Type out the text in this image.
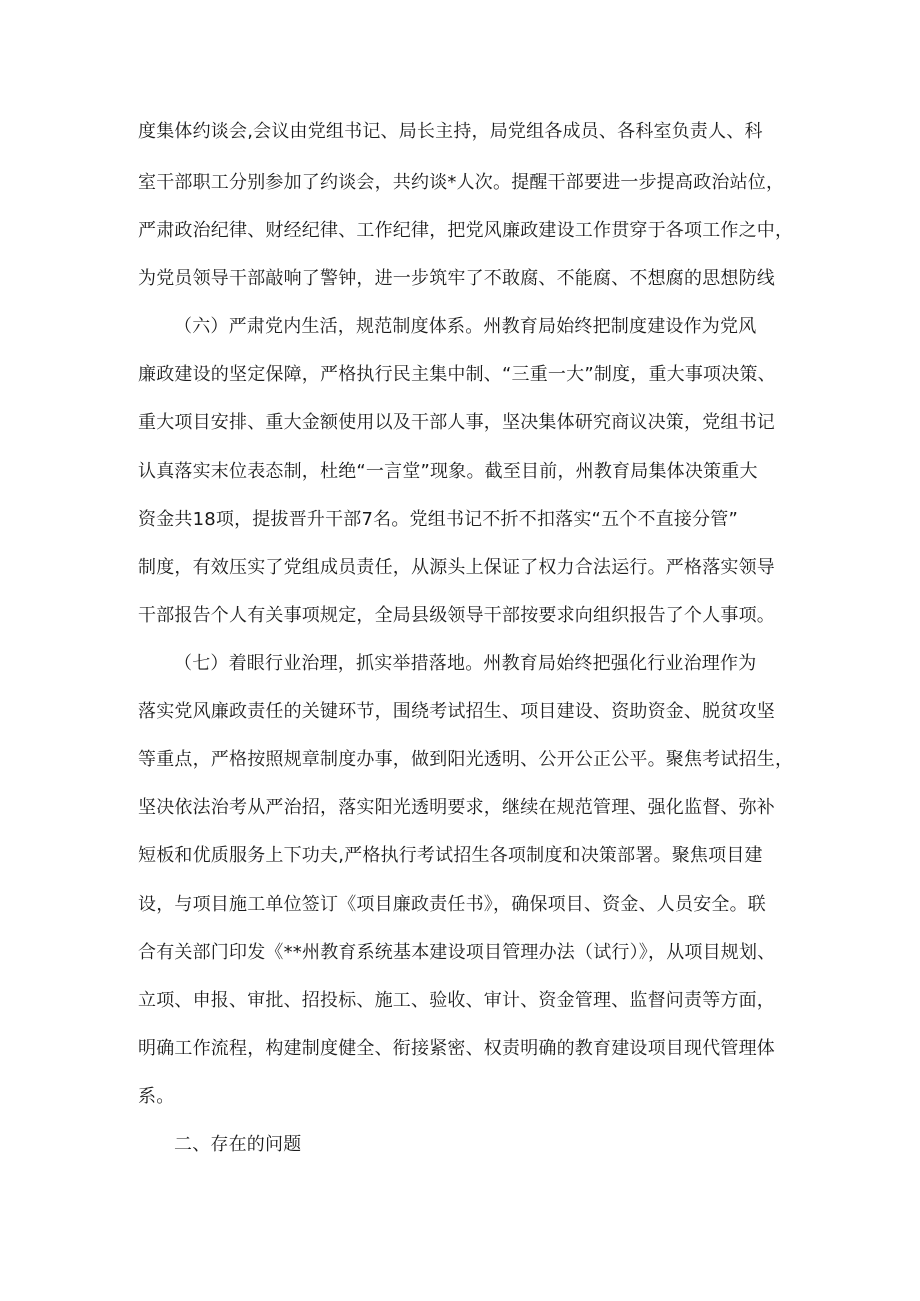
度集体约谈会,会议由党组书记、局长主持，局党组各成员、各科室负责人、科
室干部职工分别参加了约谈会，共约谈*人次。提醒干部要进一步提高政治站位，
严肃政治纪律、财经纪律、工作纪律，把党风廉政建设工作贯穿于各项工作之中，
为党员领导干部敲响了警钟，进一步筑牢了不敢腐、不能腐、不想腐的思想防线
（六）严肃党内生活，规范制度体系。州教育局始终把制度建设作为党风
廉政建设的坚定保障，严格执行民主集中制、“三重一大”制度，重大事项决策、
重大项目安排、重大金额使用以及干部人事，坚决集体研究商议决策，党组书记
认真落实末位表态制，杜绝“一言堂”现象。截至目前，州教育局集体决策重大
资金共18项，提拔晋升干部7名。党组书记不折不扣落实“五个不直接分管”
制度，有效压实了党组成员责任，从源头上保证了权力合法运行。严格落实领导
干部报告个人有关事项规定，全局县级领导干部按要求向组织报告了个人事项。
（七）着眼行业治理，抓实举措落地。州教育局始终把强化行业治理作为
落实党风廉政责任的关键环节，围绕考试招生、项目建设、资助资金、脱贫攻坚
等重点，严格按照规章制度办事，做到阳光透明、公开公正公平。聚焦考试招生，
坚决依法治考从严治招，落实阳光透明要求，继续在规范管理、强化监督、弥补
短板和优质服务上下功夫,严格执行考试招生各项制度和决策部署。聚焦项目建
设，与项目施工单位签订《项目廉政责任书》，确保项目、资金、人员安全。联
合有关部门印发《**州教育系统基本建设项目管理办法（试行）》，从项目规划、
立项、申报、审批、招投标、施工、验收、审计、资金管理、监督问责等方面，
明确工作流程，构建制度健全、衔接紧密、权责明确的教育建设项目现代管理体
系。
二、存在的问题
